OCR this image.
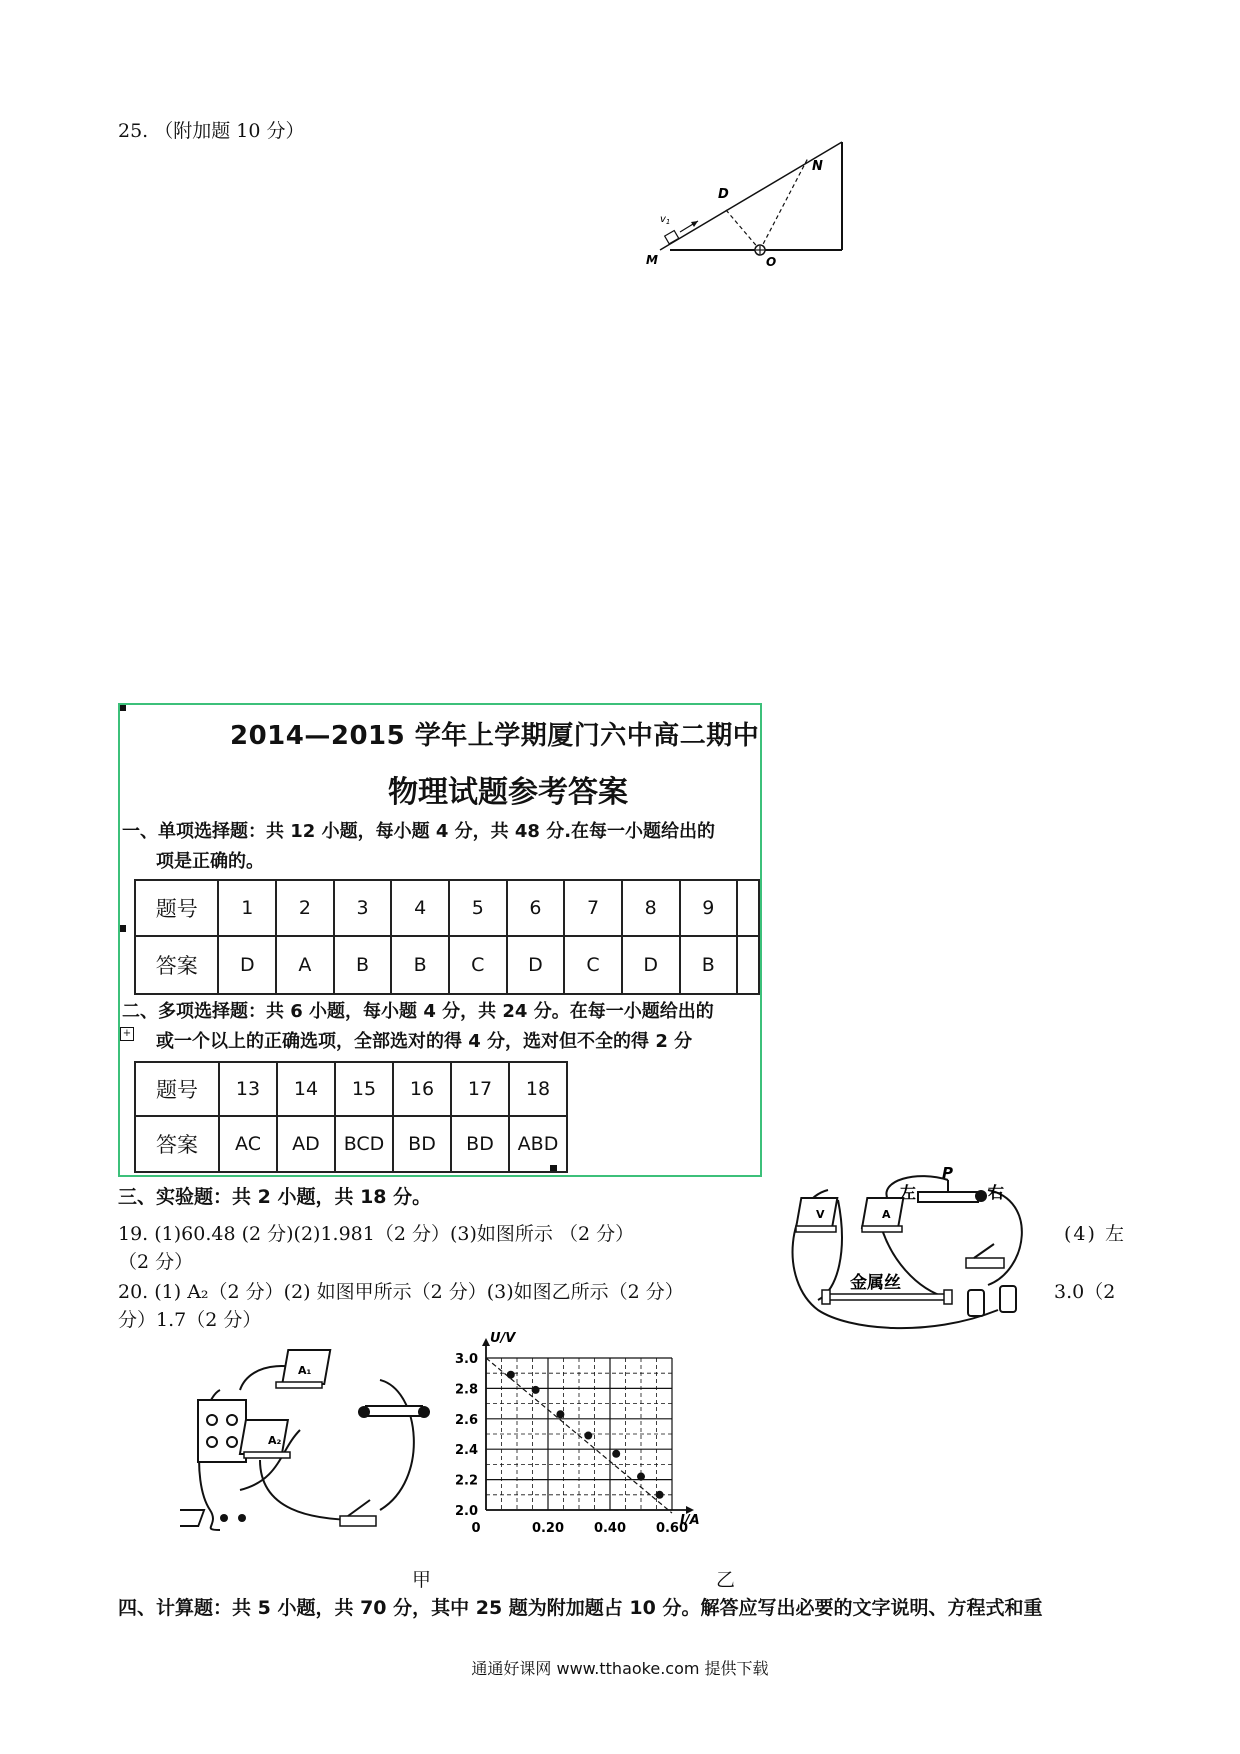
25. （附加题 10 分）
$v_1$
M	O
D
N
+
2014—2015 学年上学期厦门六中高二期中
物理试题参考答案
一、单项选择题：共 12 小题，每小题 4 分，共 48 分.在每一小题给出的
项是正确的。
题号	1	2	3	4	5	6	7	8	9	
答案	D	A	B	B	C	D	C	D	B	
二、多项选择题：共 6 小题，每小题 4 分，共 24 分。在每一小题给出的
或一个以上的正确选项，全部选对的得 4 分，选对但不全的得 2 分
题号	13	14	15	16	17	18
答案	AC	AD	BCD	BD	BD	ABD
三、实验题：共 2 小题，共 18 分。
19. (1)60.48 (2 分)(2)1.981（2 分）(3)如图所示 （2 分）	(4) 左
（2 分）
20. (1) A₂（2 分）(2) 如图甲所示（2 分）(3)如图乙所示（2 分）	3.0（2
分）1.7（2 分）
V	A
P
左	右
金属丝
A₁
A₂
2.0
2.2
2.4
2.6
2.8
3.0
0	0.20 0.40 0.60
U/V
I/A
甲	乙
四、计算题：共 5 小题，共 70 分，其中 25 题为附加题占 10 分。解答应写出必要的文字说明、方程式和重
通通好课网 www.tthaoke.com 提供下载
